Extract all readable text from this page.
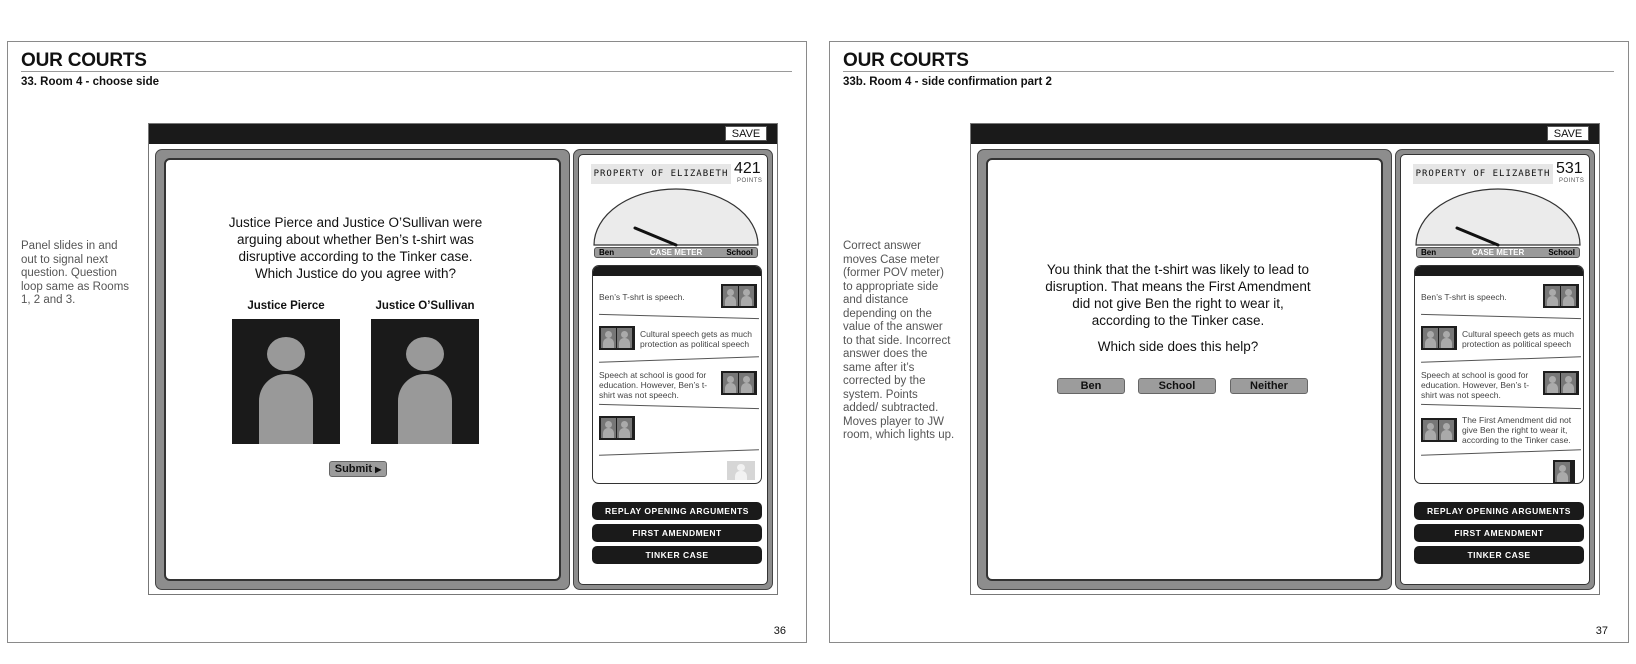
OUR COURTS
33. Room 4 - choose side
Panel slides in and out to signal next question. Question loop same as Rooms 1, 2 and 3.
36
SAVE
Justice Pierce and Justice O’Sullivan were arguing about whether Ben’s t-shirt was disruptive according to the Tinker case. Which Justice do you agree with?
Justice Pierce	Justice O’Sullivan
Submit ▶
PROPERTY OF ELIZABETH 421
POINTS
Ben	CASE METER	School
Ben’s T-shrt is speech.
Cultural speech gets as much protection as political speech
Speech at school is good for education. However, Ben’s t-shirt was not speech.
REPLAY OPENING ARGUMENTS
FIRST AMENDMENT
TINKER CASE
OUR COURTS
33b. Room 4 - side confirmation part 2
Correct answer moves Case meter (former POV meter) to appropriate side and distance depending on the value of the answer to that side. Incorrect answer does the same after it’s corrected by the system. Points added/ subtracted. Moves player to JW room, which lights up.
37
SAVE
You think that the t-shirt was likely to lead to disruption. That means the First Amendment did not give Ben the right to wear it, according to the Tinker case.
Which side does this help?
Ben	School	Neither
PROPERTY OF ELIZABETH 531
POINTS
Ben	CASE METER	School
Ben’s T-shrt is speech.
Cultural speech gets as much protection as political speech
Speech at school is good for education. However, Ben’s t-shirt was not speech.
The First Amendment did not give Ben the right to wear it, according to the Tinker case.
REPLAY OPENING ARGUMENTS
FIRST AMENDMENT
TINKER CASE
